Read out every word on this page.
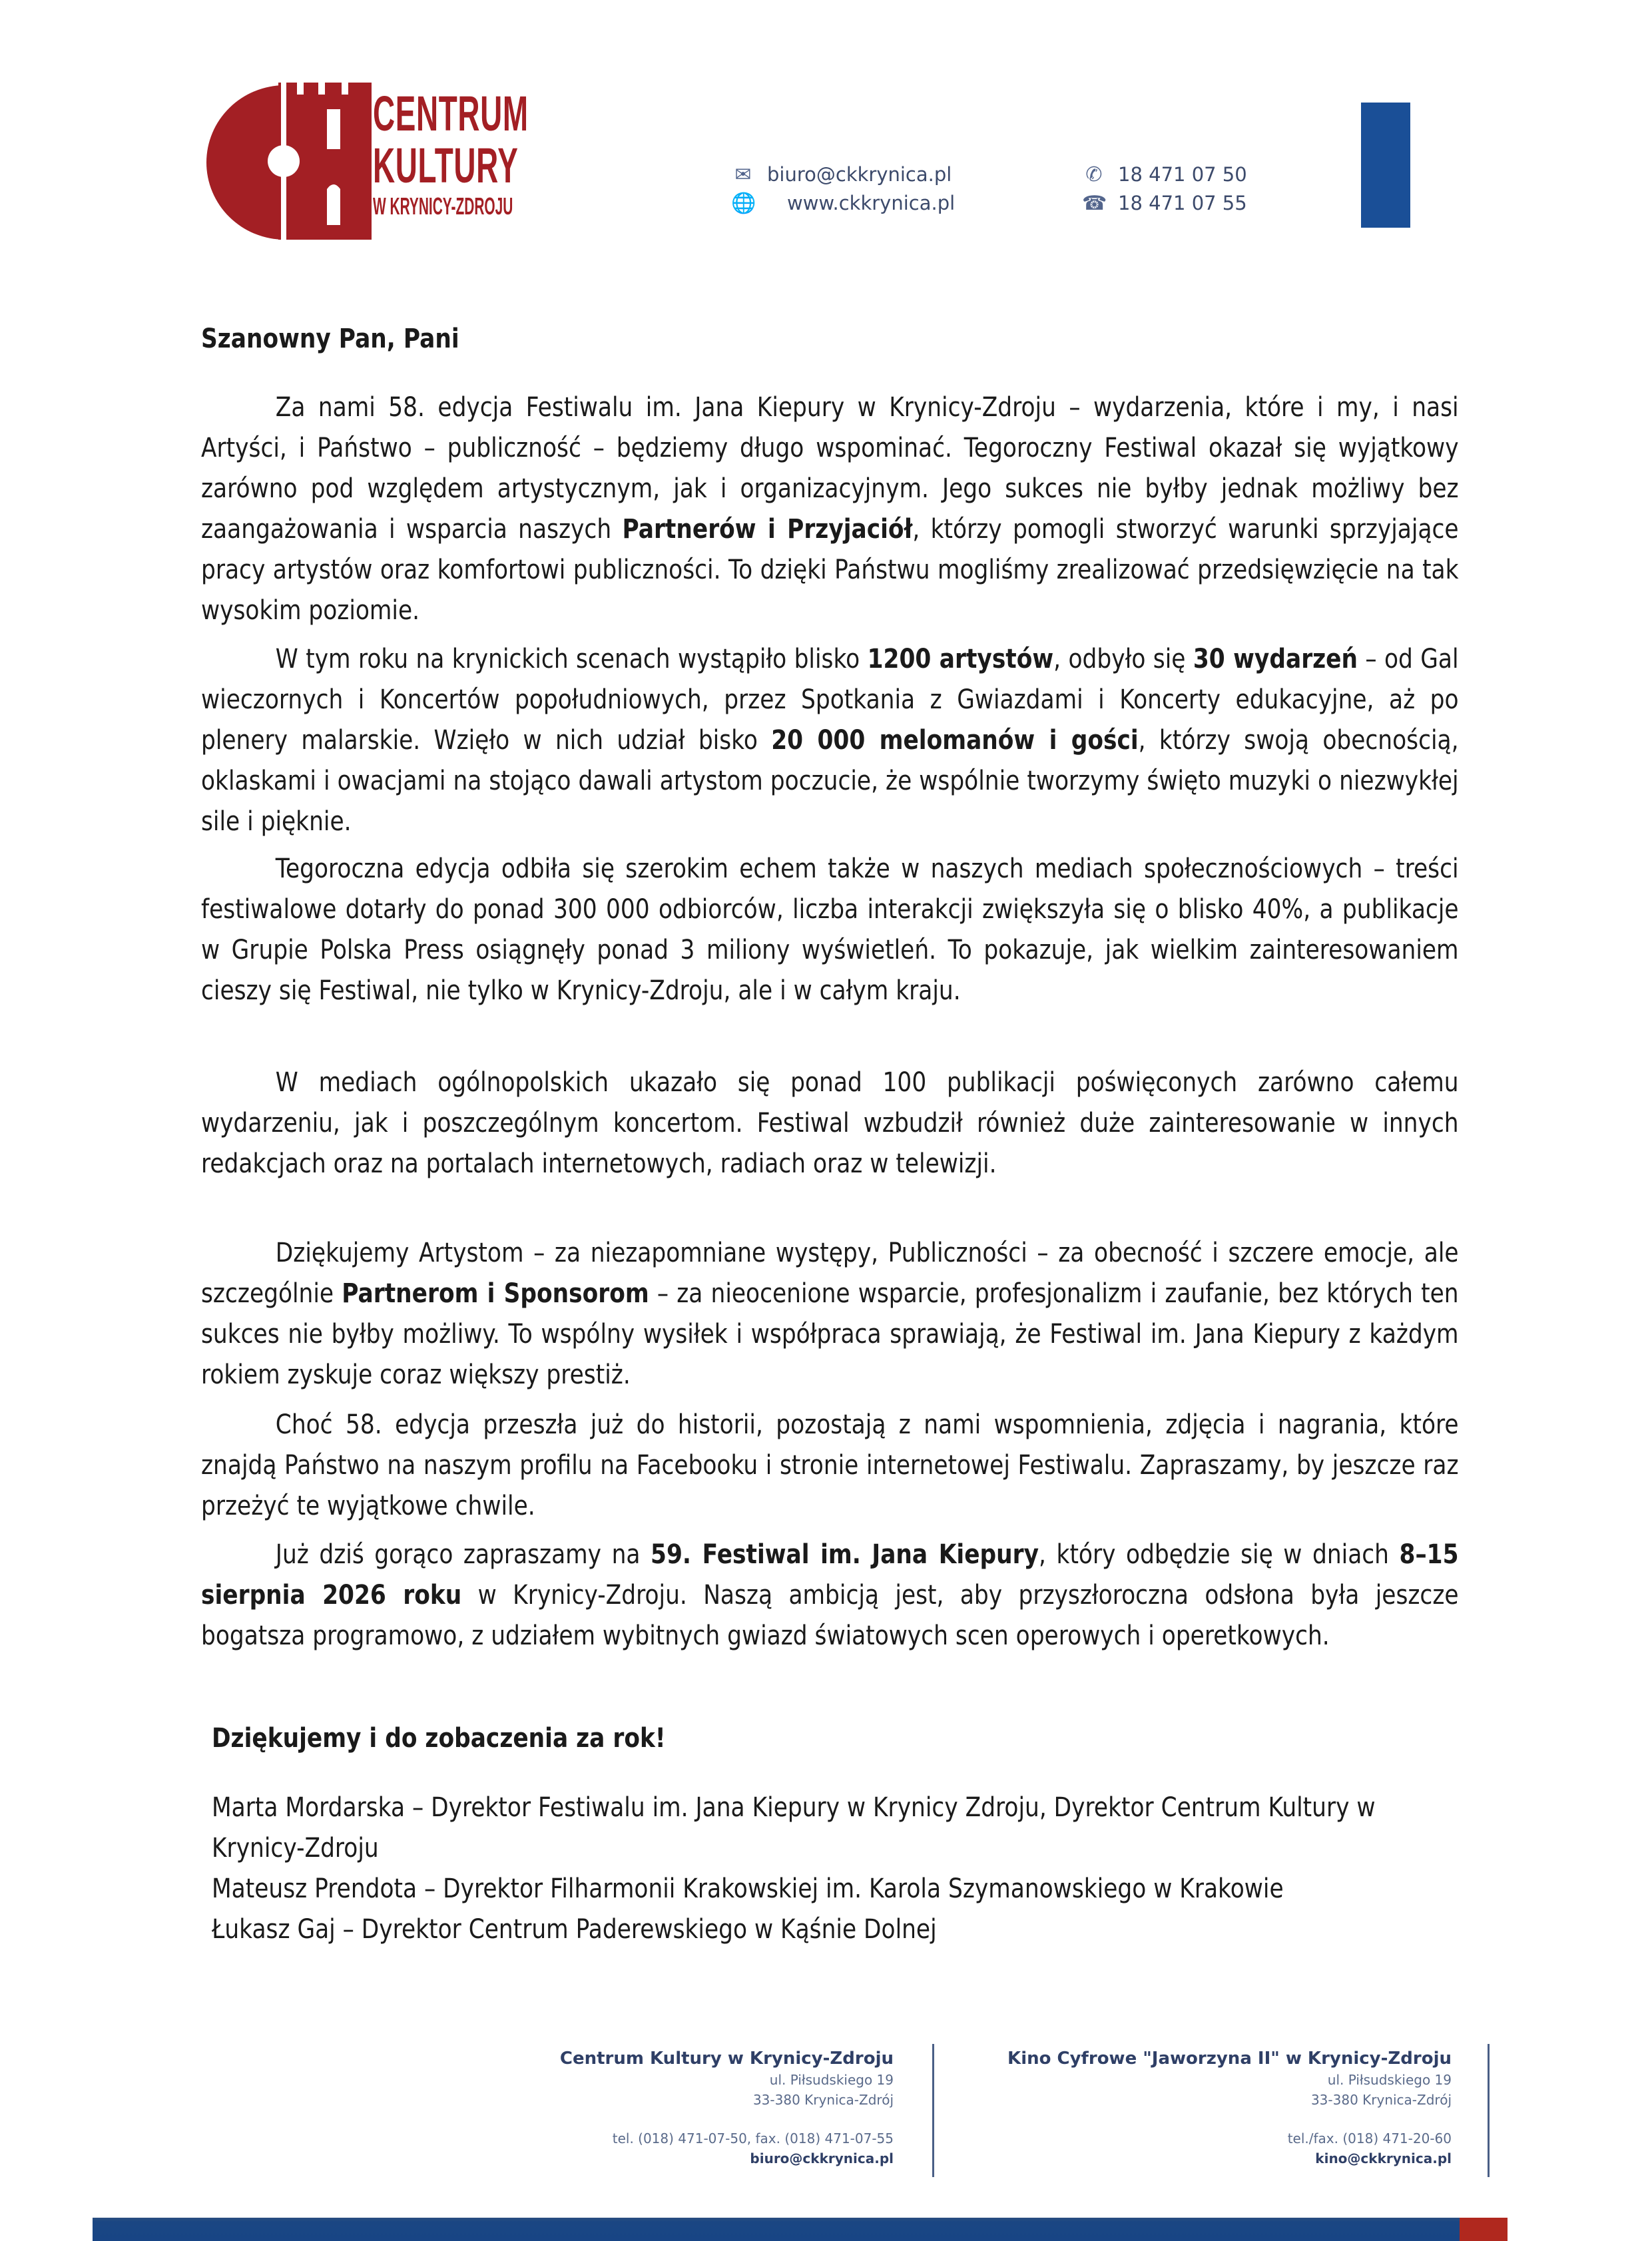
CENTRUM
KULTURY
W KRYNICY-ZDROJU
✉ biuro@ckkrynica.pl
🌐 www.ckkrynica.pl
✆ 18 471 07 50
☎ 18 471 07 55
Szanowny Pan, Pani
Za nami 58. edycja Festiwalu im. Jana Kiepury w Krynicy-Zdroju – wydarzenia, które i my, i nasi Artyści, i Państwo – publiczność – będziemy długo wspominać. Tegoroczny Festiwal okazał się wyjątkowy zarówno pod względem artystycznym, jak i organizacyjnym. Jego sukces nie byłby jednak możliwy bez zaangażowania i wsparcia naszych Partnerów i Przyjaciół, którzy pomogli stworzyć warunki sprzyjające pracy artystów oraz komfortowi publiczności. To dzięki Państwu mogliśmy zrealizować przedsięwzięcie na tak wysokim poziomie.
W tym roku na krynickich scenach wystąpiło blisko 1200 artystów, odbyło się 30 wydarzeń – od Gal wieczornych i Koncertów popołudniowych, przez Spotkania z Gwiazdami i Koncerty edukacyjne, aż po plenery malarskie. Wzięło w nich udział bisko 20 000 melomanów i gości, którzy swoją obecnością, oklaskami i owacjami na stojąco dawali artystom poczucie, że wspólnie tworzymy święto muzyki o niezwykłej sile i pięknie.
Tegoroczna edycja odbiła się szerokim echem także w naszych mediach społecznościowych – treści festiwalowe dotarły do ponad 300 000 odbiorców, liczba interakcji zwiększyła się o blisko 40%, a publikacje w Grupie Polska Press osiągnęły ponad 3 miliony wyświetleń. To pokazuje, jak wielkim zainteresowaniem cieszy się Festiwal, nie tylko w Krynicy-Zdroju, ale i w całym kraju.
W mediach ogólnopolskich ukazało się ponad 100 publikacji poświęconych zarówno całemu wydarzeniu, jak i poszczególnym koncertom. Festiwal wzbudził również duże zainteresowanie w innych redakcjach oraz na portalach internetowych, radiach oraz w telewizji.
Dziękujemy Artystom – za niezapomniane występy, Publiczności – za obecność i szczere emocje, ale szczególnie Partnerom i Sponsorom – za nieocenione wsparcie, profesjonalizm i zaufanie, bez których ten sukces nie byłby możliwy. To wspólny wysiłek i współpraca sprawiają, że Festiwal im. Jana Kiepury z każdym rokiem zyskuje coraz większy prestiż.
Choć 58. edycja przeszła już do historii, pozostają z nami wspomnienia, zdjęcia i nagrania, które znajdą Państwo na naszym profilu na Facebooku i stronie internetowej Festiwalu. Zapraszamy, by jeszcze raz przeżyć te wyjątkowe chwile.
Już dziś gorąco zapraszamy na 59. Festiwal im. Jana Kiepury, który odbędzie się w dniach 8–15 sierpnia 2026 roku w Krynicy-Zdroju. Naszą ambicją jest, aby przyszłoroczna odsłona była jeszcze bogatsza programowo, z udziałem wybitnych gwiazd światowych scen operowych i operetkowych.
Dziękujemy i do zobaczenia za rok!
Marta Mordarska – Dyrektor Festiwalu im. Jana Kiepury w Krynicy Zdroju, Dyrektor Centrum Kultury w Krynicy-Zdroju
Mateusz Prendota – Dyrektor Filharmonii Krakowskiej im. Karola Szymanowskiego w Krakowie
Łukasz Gaj – Dyrektor Centrum Paderewskiego w Kąśnie Dolnej
Centrum Kultury w Krynicy-Zdroju
ul. Piłsudskiego 19
33-380 Krynica-Zdrój
tel. (018) 471-07-50, fax. (018) 471-07-55
biuro@ckkrynica.pl
Kino Cyfrowe "Jaworzyna II" w Krynicy-Zdroju
ul. Piłsudskiego 19
33-380 Krynica-Zdrój
tel./fax. (018) 471-20-60
kino@ckkrynica.pl
